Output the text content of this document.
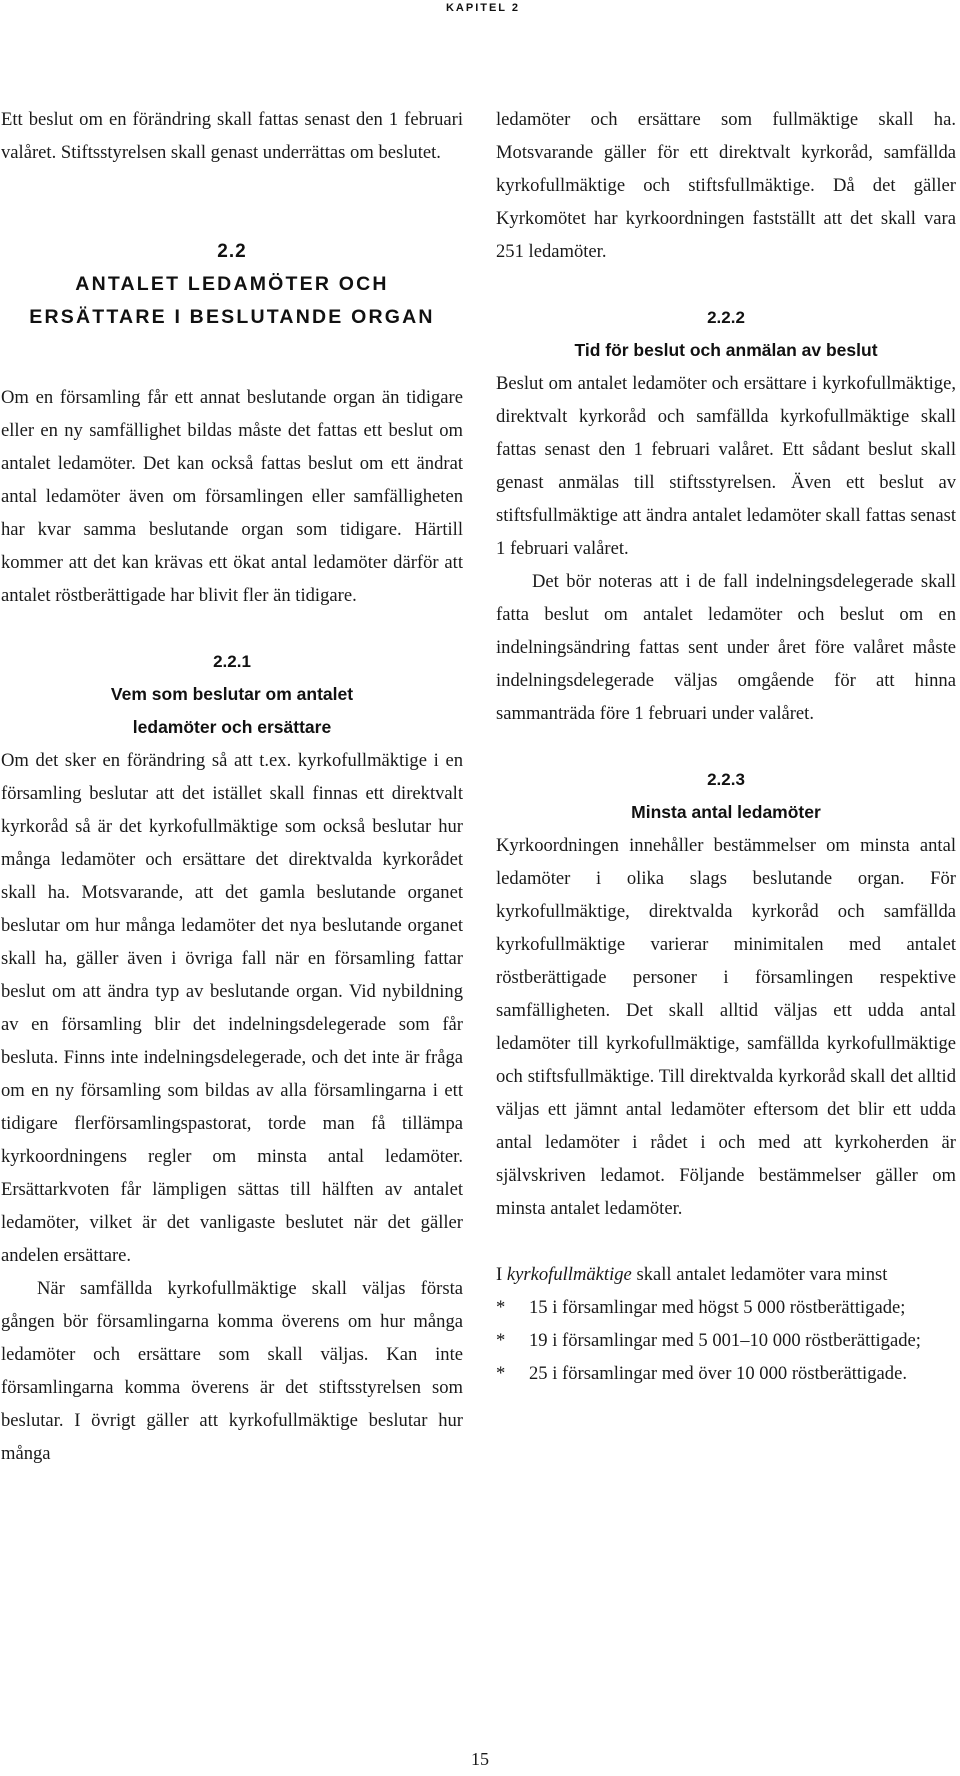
KAPITEL 2

Ett beslut om en förändring skall fattas senast den 1 februari valåret. Stiftsstyrelsen skall genast underrättas om beslutet.

2.2
ANTALET LEDAMÖTER OCH
ERSÄTTARE I BESLUTANDE ORGAN

Om en församling får ett annat beslutande organ än tidigare eller en ny samfällighet bildas måste det fattas ett beslut om antalet ledamöter. Det kan också fattas beslut om ett ändrat antal ledamöter även om församlingen eller samfälligheten har kvar samma beslutande organ som tidigare. Härtill kommer att det kan krävas ett ökat antal ledamöter därför att antalet röstberättigade har blivit fler än tidigare.

2.2.1
Vem som beslutar om antalet
ledamöter och ersättare

Om det sker en förändring så att t.ex. kyrkofullmäktige i en församling beslutar att det istället skall finnas ett direktvalt kyrkoråd så är det kyrkofullmäktige som också beslutar hur många ledamöter och ersättare det direktvalda kyrkorådet skall ha. Motsvarande, att det gamla beslutande organet beslutar om hur många ledamöter det nya beslutande organet skall ha, gäller även i övriga fall när en församling fattar beslut om att ändra typ av beslutande organ. Vid nybildning av en församling blir det indelningsdelegerade som får besluta. Finns inte indelningsdelegerade, och det inte är fråga om en ny församling som bildas av alla församlingarna i ett tidigare flerförsamlingspastorat, torde man få tillämpa kyrkoordningens regler om minsta antal ledamöter. Ersättarkvoten får lämpligen sättas till hälften av antalet ledamöter, vilket är det vanligaste beslutet när det gäller andelen ersättare.

När samfällda kyrkofullmäktige skall väljas första gången bör församlingarna komma överens om hur många ledamöter och ersättare som skall väljas. Kan inte församlingarna komma överens är det stiftsstyrelsen som beslutar. I övrigt gäller att kyrkofullmäktige beslutar hur många

ledamöter och ersättare som fullmäktige skall ha. Motsvarande gäller för ett direktvalt kyrkoråd, samfällda kyrkofullmäktige och stiftsfullmäktige. Då det gäller Kyrkomötet har kyrkoordningen fastställt att det skall vara 251 ledamöter.

2.2.2
Tid för beslut och anmälan av beslut

Beslut om antalet ledamöter och ersättare i kyrkofullmäktige, direktvalt kyrkoråd och samfällda kyrkofullmäktige skall fattas senast den 1 februari valåret. Ett sådant beslut skall genast anmälas till stiftsstyrelsen. Även ett beslut av stiftsfullmäktige att ändra antalet ledamöter skall fattas senast 1 februari valåret.

Det bör noteras att i de fall indelningsdelegerade skall fatta beslut om antalet ledamöter och beslut om en indelningsändring fattas sent under året före valåret måste indelningsdelegerade väljas omgående för att hinna sammanträda före 1 februari under valåret.

2.2.3
Minsta antal ledamöter

Kyrkoordningen innehåller bestämmelser om minsta antal ledamöter i olika slags beslutande organ. För kyrkofullmäktige, direktvalda kyrkoråd och samfällda kyrkofullmäktige varierar minimitalen med antalet röstberättigade personer i församlingen respektive samfälligheten. Det skall alltid väljas ett udda antal ledamöter till kyrkofullmäktige, samfällda kyrkofullmäktige och stiftsfullmäktige. Till direktvalda kyrkoråd skall det alltid väljas ett jämnt antal ledamöter eftersom det blir ett udda antal ledamöter i rådet i och med att kyrkoherden är självskriven ledamot. Följande bestämmelser gäller om minsta antalet ledamöter.

I kyrkofullmäktige skall antalet ledamöter vara minst

* 15 i församlingar med högst 5 000 röstberättigade;
* 19 i församlingar med 5 001–10 000 röstberättigade;
* 25 i församlingar med över 10 000 röstberättigade.
15
